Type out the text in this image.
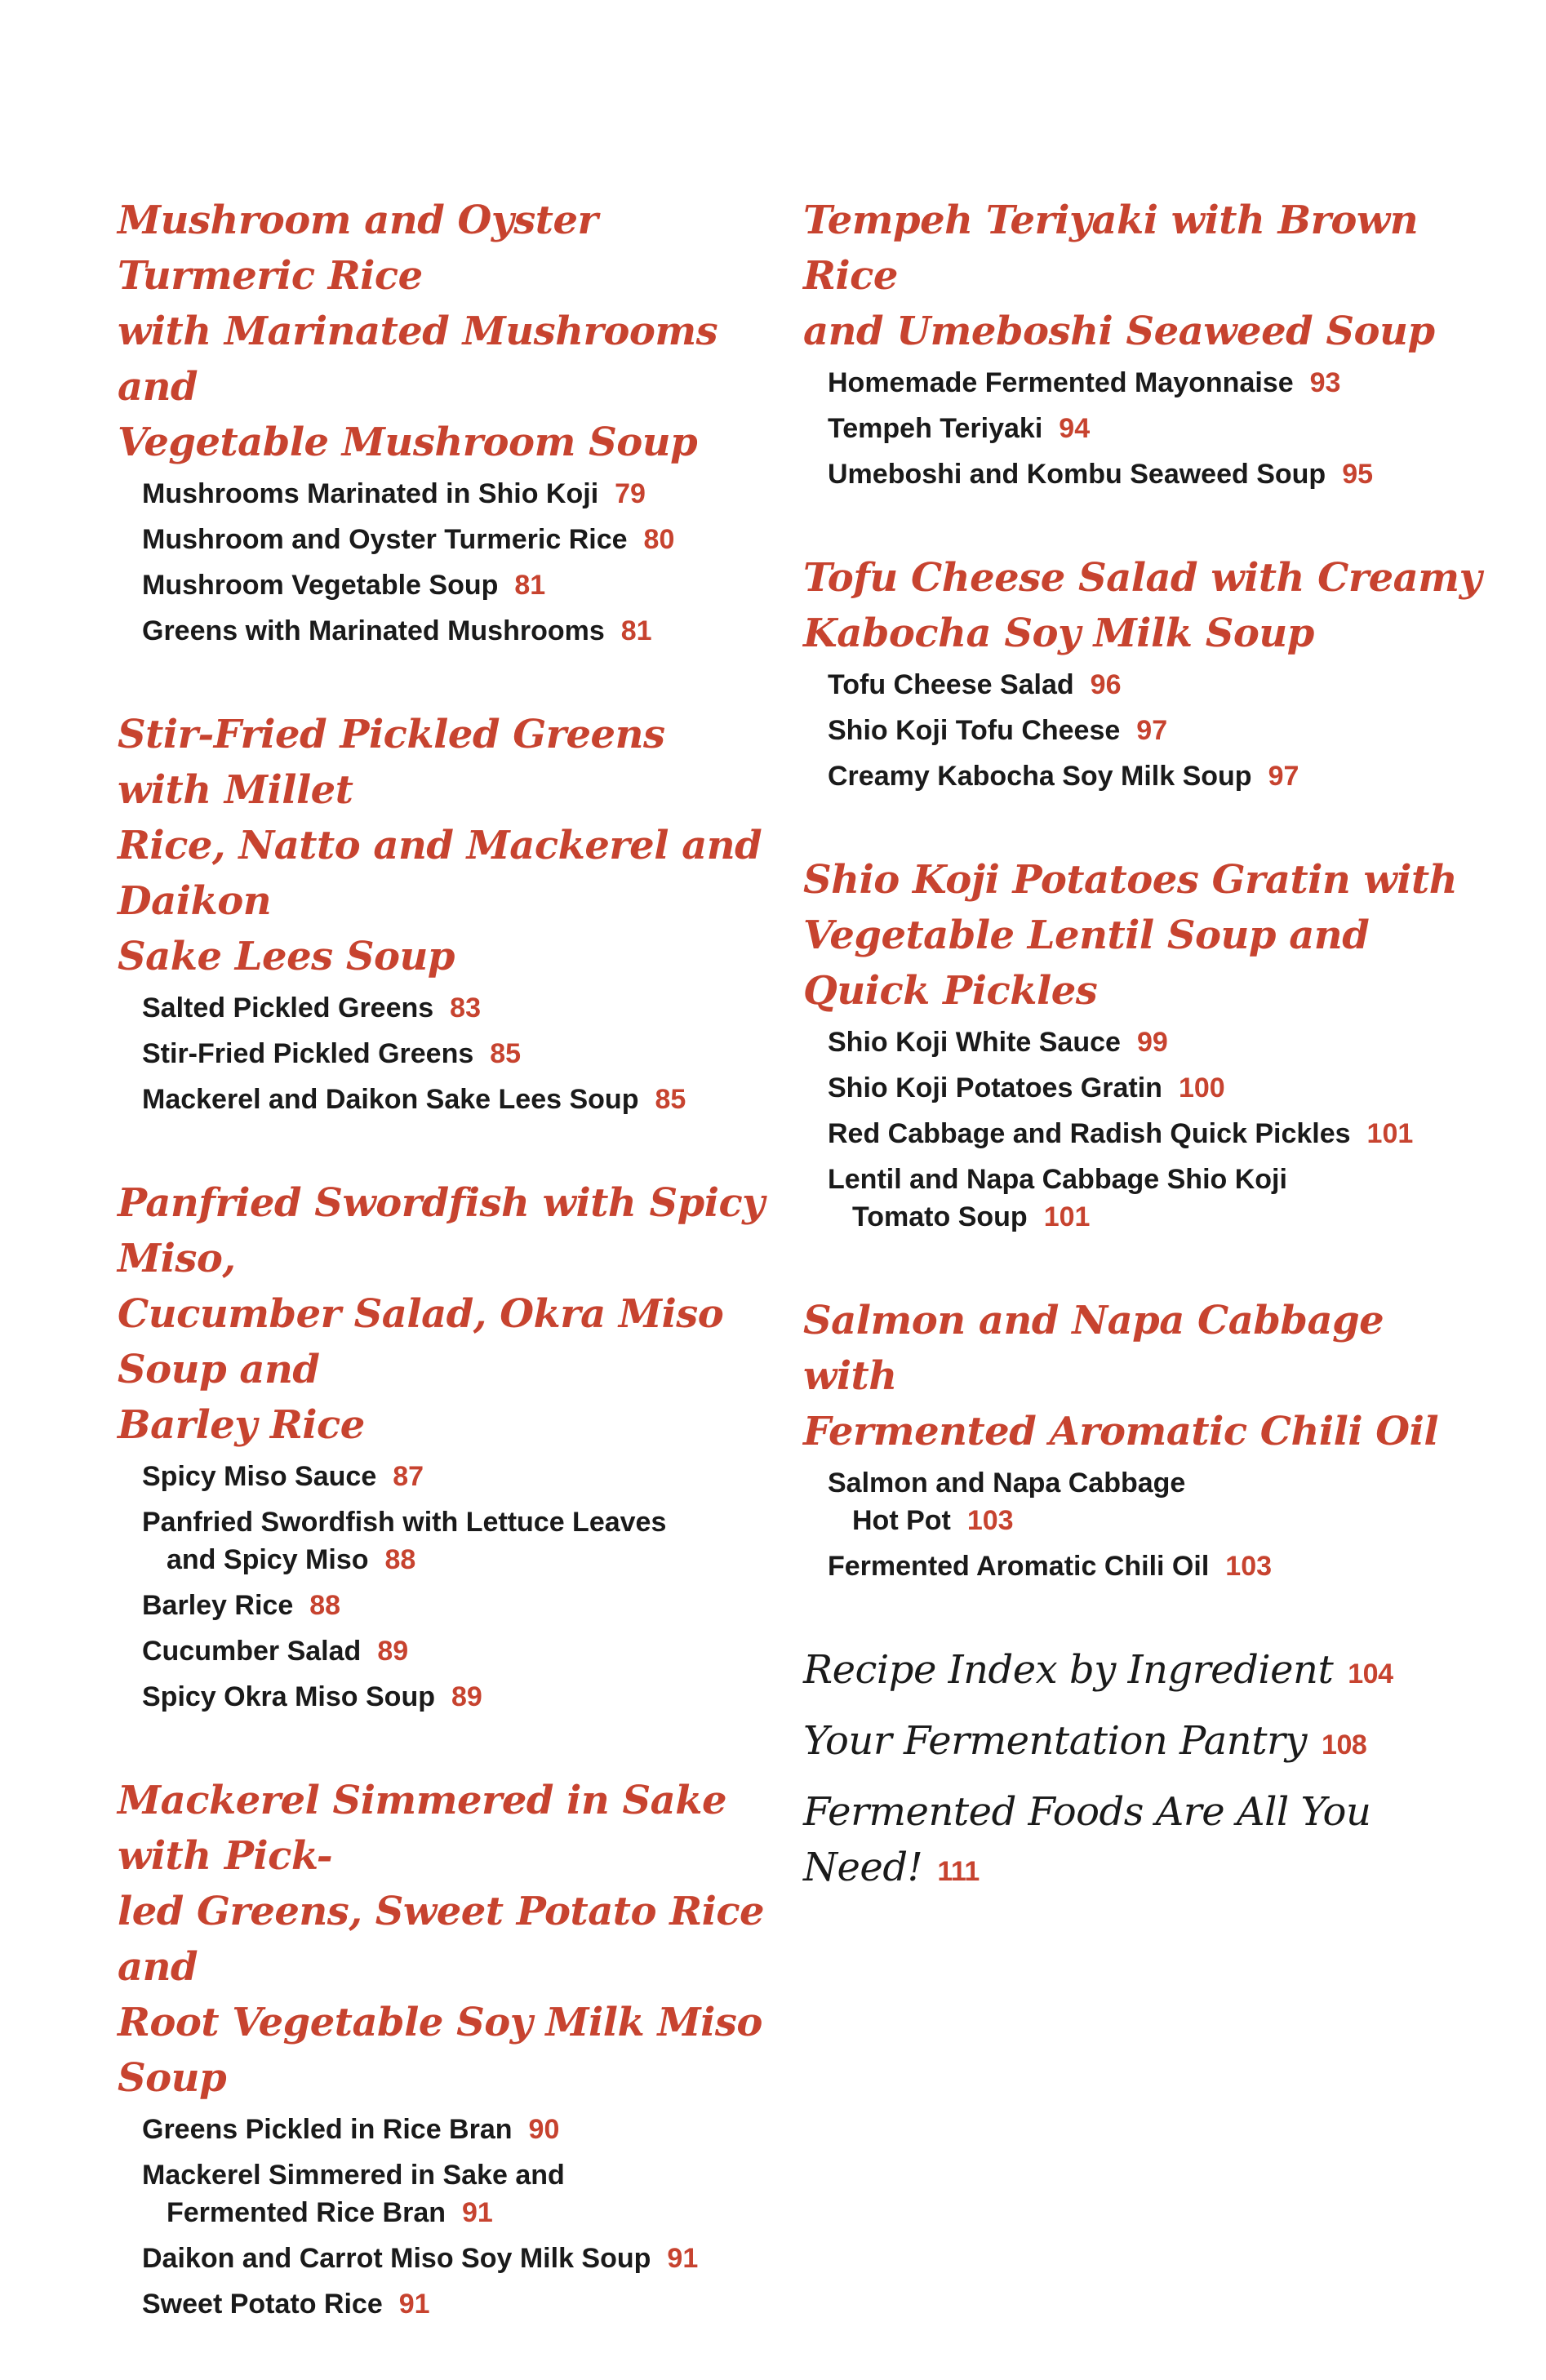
Mushroom and Oyster Turmeric Rice
with Marinated Mushrooms and
Vegetable Mushroom Soup
Mushrooms Marinated in Shio Koji 79
Mushroom and Oyster Turmeric Rice 80
Mushroom Vegetable Soup 81
Greens with Marinated Mushrooms 81
Stir-Fried Pickled Greens with Millet
Rice, Natto and Mackerel and Daikon
Sake Lees Soup
Salted Pickled Greens 83
Stir-Fried Pickled Greens 85
Mackerel and Daikon Sake Lees Soup 85
Panfried Swordfish with Spicy Miso,
Cucumber Salad, Okra Miso Soup and
Barley Rice
Spicy Miso Sauce 87
Panfried Swordfish with Lettuce Leaves
and Spicy Miso 88
Barley Rice 88
Cucumber Salad 89
Spicy Okra Miso Soup 89
Mackerel Simmered in Sake with Pick-
led Greens, Sweet Potato Rice and
Root Vegetable Soy Milk Miso Soup
Greens Pickled in Rice Bran 90
Mackerel Simmered in Sake and
Fermented Rice Bran 91
Daikon and Carrot Miso Soy Milk Soup 91
Sweet Potato Rice 91
Tempeh Teriyaki with Brown Rice
and Umeboshi Seaweed Soup
Homemade Fermented Mayonnaise 93
Tempeh Teriyaki 94
Umeboshi and Kombu Seaweed Soup 95
Tofu Cheese Salad with Creamy
Kabocha Soy Milk Soup
Tofu Cheese Salad 96
Shio Koji Tofu Cheese 97
Creamy Kabocha Soy Milk Soup 97
Shio Koji Potatoes Gratin with
Vegetable Lentil Soup and Quick Pickles
Shio Koji White Sauce 99
Shio Koji Potatoes Gratin 100
Red Cabbage and Radish Quick Pickles 101
Lentil and Napa Cabbage Shio Koji
Tomato Soup 101
Salmon and Napa Cabbage with
Fermented Aromatic Chili Oil
Salmon and Napa Cabbage
Hot Pot 103
Fermented Aromatic Chili Oil 103
Recipe Index by Ingredient 104
Your Fermentation Pantry 108
Fermented Foods Are All You Need! 111
